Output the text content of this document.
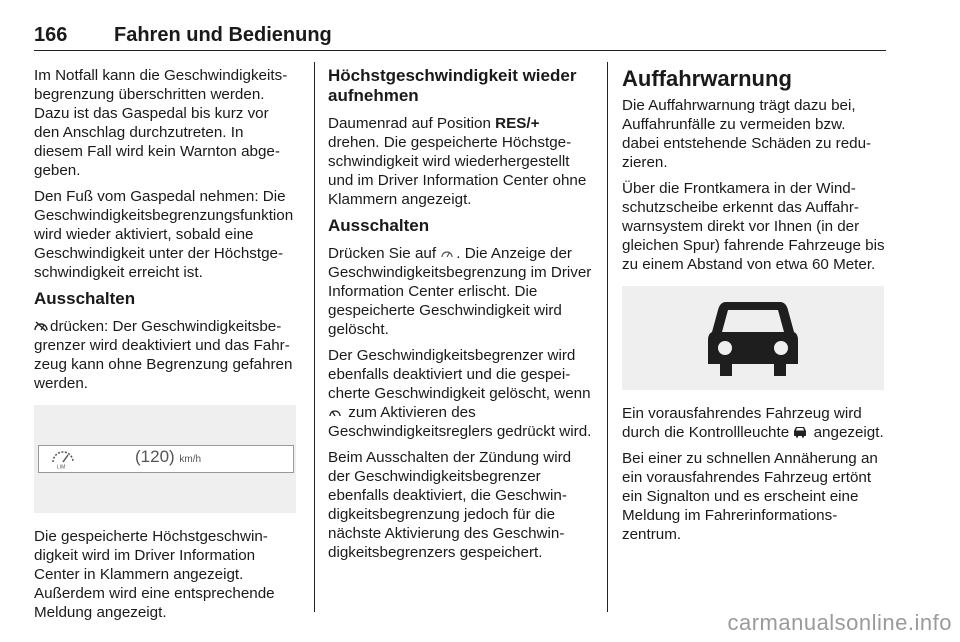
166 Fahren und Bedienung

Im Notfall kann die Geschwindigkeitsbegrenzung überschritten werden. Dazu ist das Gaspedal bis kurz vor den Anschlag durchzutreten. In diesem Fall wird kein Warnton abgegeben.

Den Fuß vom Gaspedal nehmen: Die Geschwindigkeitsbegrenzungsfunktion wird wieder aktiviert, sobald eine Geschwindigkeit unter der Höchstgeschwindigkeit erreicht ist.

Ausschalten

drücken: Der Geschwindigkeitsbegrenzer wird deaktiviert und das Fahrzeug kann ohne Begrenzung gefahren werden.

LIM
(120) km/h

Die gespeicherte Höchstgeschwindigkeit wird im Driver Information Center in Klammern angezeigt. Außerdem wird eine entsprechende Meldung angezeigt.

Höchstgeschwindigkeit wieder aufnehmen

Daumenrad auf Position RES/+ drehen. Die gespeicherte Höchstgeschwindigkeit wird wiederhergestellt und im Driver Information Center ohne Klammern angezeigt.

Ausschalten

Drücken Sie auf . Die Anzeige der Geschwindigkeitsbegrenzung im Driver Information Center erlischt. Die gespeicherte Geschwindigkeit wird gelöscht.

Der Geschwindigkeitsbegrenzer wird ebenfalls deaktiviert und die gespeicherte Geschwindigkeit gelöscht, wenn  zum Aktivieren des Geschwindigkeitsreglers gedrückt wird.

Beim Ausschalten der Zündung wird der Geschwindigkeitsbegrenzer ebenfalls deaktiviert, die Geschwindigkeitsbegrenzung jedoch für die nächste Aktivierung des Geschwindigkeitsbegrenzers gespeichert.

Auffahrwarnung

Die Auffahrwarnung trägt dazu bei, Auffahrunfälle zu vermeiden bzw. dabei entstehende Schäden zu reduzieren.

Über die Frontkamera in der Windschutzscheibe erkennt das Auffahrwarnsystem direkt vor Ihnen (in der gleichen Spur) fahrende Fahrzeuge bis zu einem Abstand von etwa 60 Meter.

Ein vorausfahrendes Fahrzeug wird durch die Kontrollleuchte  angezeigt.

Bei einer zu schnellen Annäherung an ein vorausfahrendes Fahrzeug ertönt ein Signalton und es erscheint eine Meldung im Fahrerinformationszentrum.

carmanualsonline.info
